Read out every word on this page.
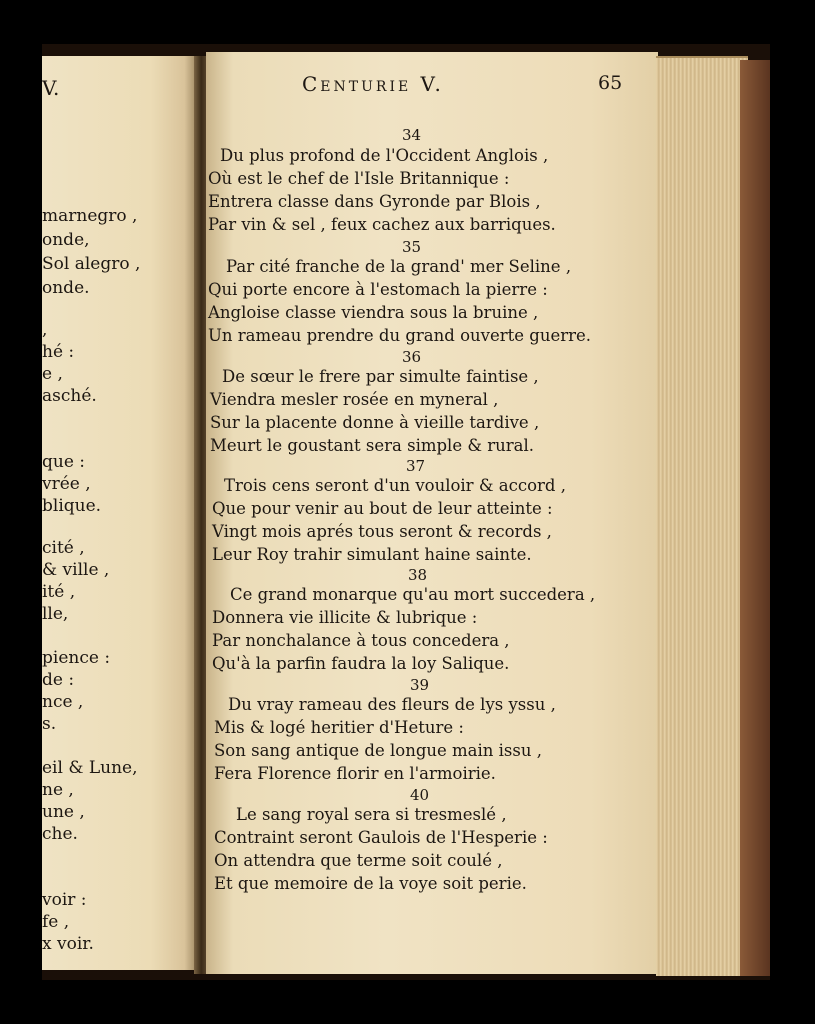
V.
marnegro ,
onde,
Sol alegro ,
onde.
,
hé :
e ,
asché.
que :
vrée ,
blique.
cité ,
& ville ,
ité ,
lle,
pience :
de :
nce ,
s.
eil & Lune,
ne ,
une ,
che.
voir :
fe ,
x voir.
Centurie V.	65
34
Du plus profond de l'Occident Anglois ,
Où est le chef de l'Isle Britannique :
Entrera classe dans Gyronde par Blois ,
Par vin & sel , feux cachez aux barriques.
35
Par cité franche de la grand' mer Seline ,
Qui porte encore à l'estomach la pierre :
Angloise classe viendra sous la bruine ,
Un rameau prendre du grand ouverte guerre.
36
De sœur le frere par simulte faintise ,
Viendra mesler rosée en myneral ,
Sur la placente donne à vieille tardive ,
Meurt le goustant sera simple & rural.
37
Trois cens seront d'un vouloir & accord ,
Que pour venir au bout de leur atteinte :
Vingt mois aprés tous seront & records ,
Leur Roy trahir simulant haine sainte.
38
Ce grand monarque qu'au mort succedera ,
Donnera vie illicite & lubrique :
Par nonchalance à tous concedera ,
Qu'à la parfin faudra la loy Salique.
39
Du vray rameau des fleurs de lys yssu ,
Mis & logé heritier d'Heture :
Son sang antique de longue main issu ,
Fera Florence florir en l'armoirie.
40
Le sang royal sera si tresmeslé ,
Contraint seront Gaulois de l'Hesperie :
On attendra que terme soit coulé ,
Et que memoire de la voye soit perie.
